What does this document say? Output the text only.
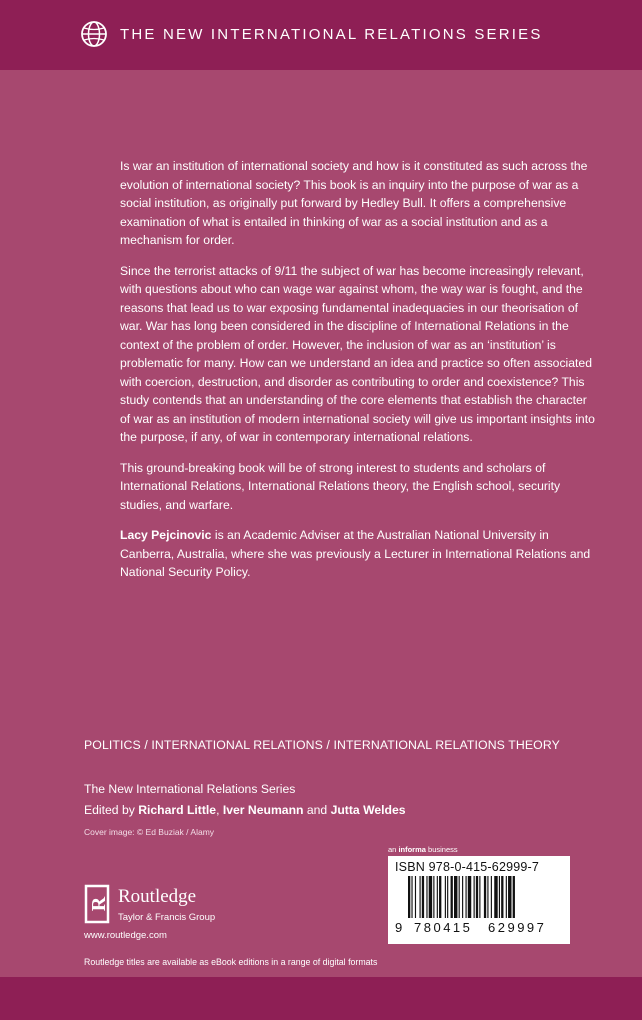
THE NEW INTERNATIONAL RELATIONS SERIES

Is war an institution of international society and how is it constituted as such across the evolution of international society? This book is an inquiry into the purpose of war as a social institution, as originally put forward by Hedley Bull. It offers a comprehensive examination of what is entailed in thinking of war as a social institution and as a mechanism for order.

Since the terrorist attacks of 9/11 the subject of war has become increasingly relevant, with questions about who can wage war against whom, the way war is fought, and the reasons that lead us to war exposing fundamental inadequacies in our theorisation of war. War has long been considered in the discipline of International Relations in the context of the problem of order. However, the inclusion of war as an ‘institution’ is problematic for many. How can we understand an idea and practice so often associated with coercion, destruction, and disorder as contributing to order and coexistence? This study contends that an understanding of the core elements that establish the character of war as an institution of modern international society will give us important insights into the purpose, if any, of war in contemporary international relations.

This ground-breaking book will be of strong interest to students and scholars of International Relations, International Relations theory, the English school, security studies, and warfare.

Lacy Pejcinovic is an Academic Adviser at the Australian National University in Canberra, Australia, where she was previously a Lecturer in International Relations and National Security Policy.

POLITICS / INTERNATIONAL RELATIONS / INTERNATIONAL RELATIONS THEORY
The New International Relations Series
Edited by Richard Little, Iver Neumann and Jutta Weldes
Cover image: © Ed Buziak / Alamy
an informa business
R Routledge
Taylor & Francis Group
www.routledge.com
ISBN 978-0-415-62999-7
9 780415 629997
Routledge titles are available as eBook editions in a range of digital formats
